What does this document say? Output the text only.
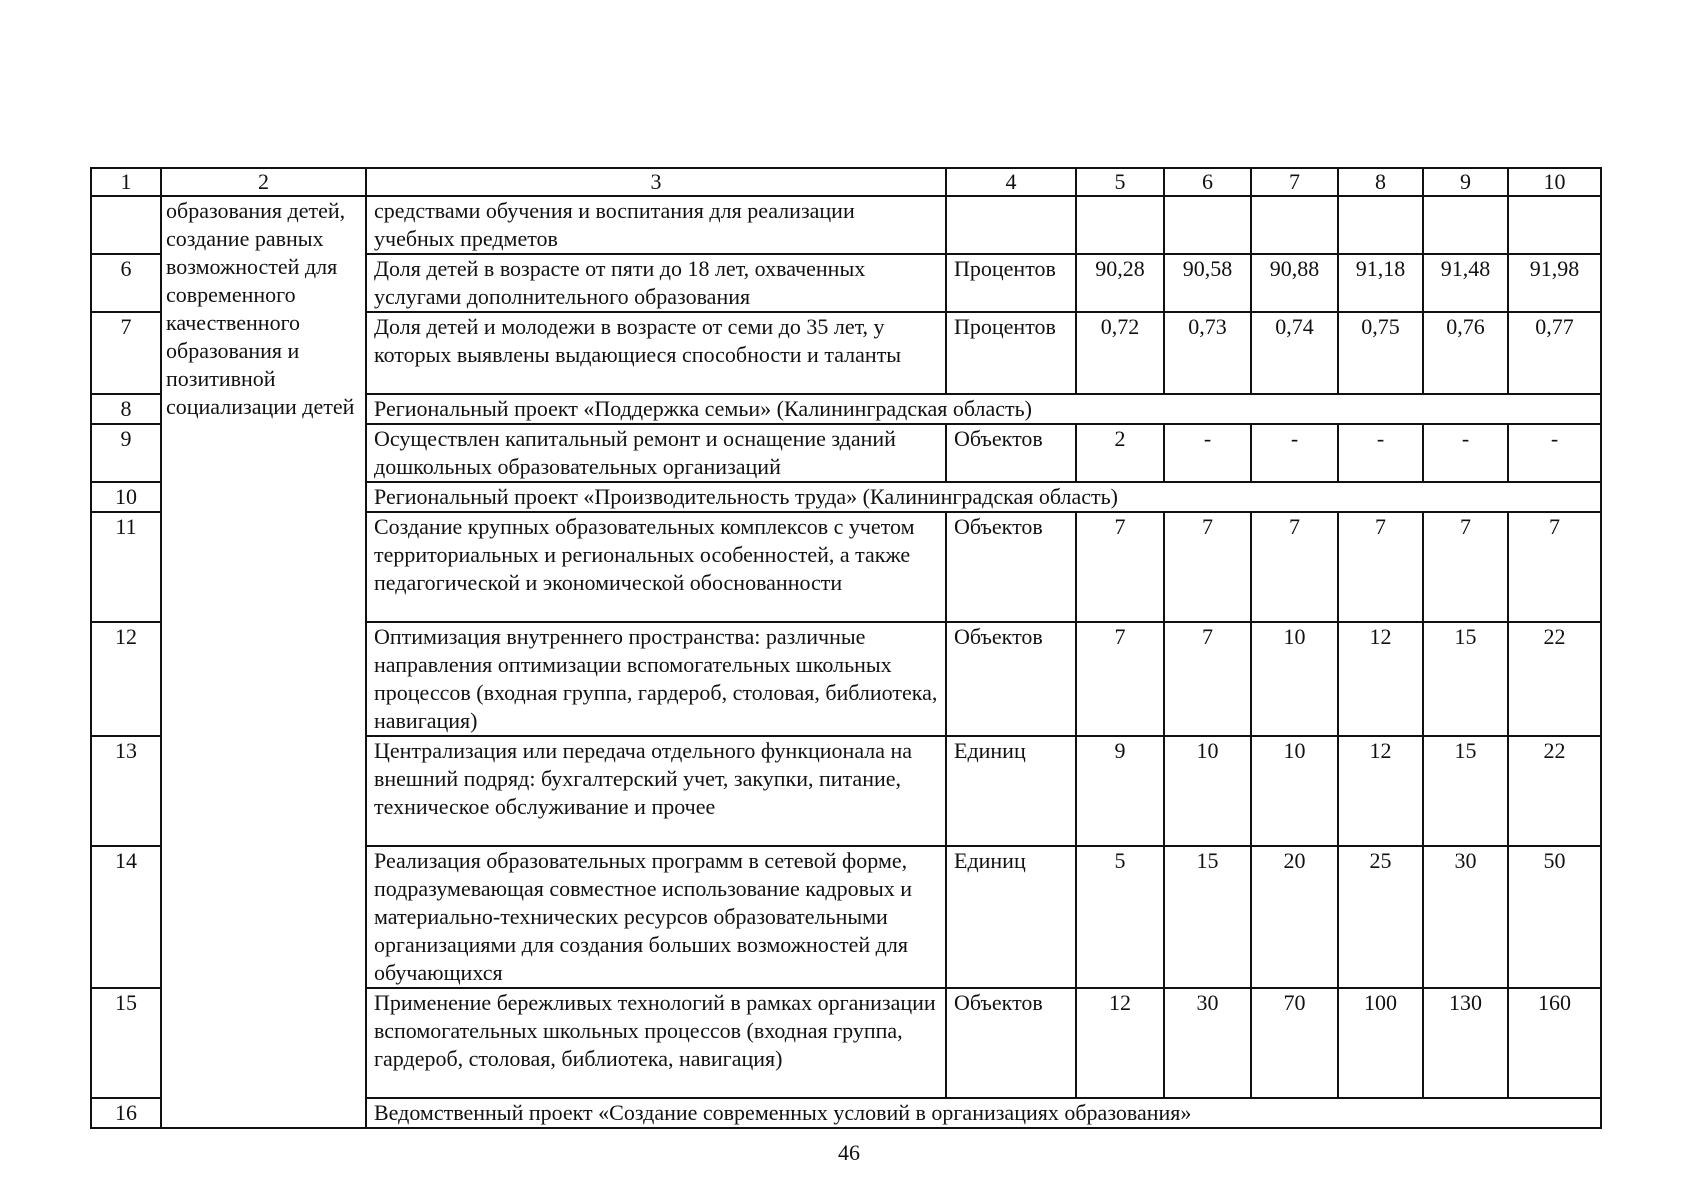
1	2	3	4	5	6	7	8	9	10
	образования детей, создание равных возможностей для современного качественного образования и позитивной социализации детей	средствами обучения и воспитания для реализации учебных предметов							
6		Доля детей в возрасте от пяти до 18 лет, охваченных услугами дополнительного образования	Процентов	90,28	90,58	90,88	91,18	91,48	91,98
7		Доля детей и молодежи в возрасте от семи до 35 лет, у которых выявлены выдающиеся способности и таланты	Процентов	0,72	0,73	0,74	0,75	0,76	0,77
8		Региональный проект «Поддержка семьи» (Калининградская область)							
9		Осуществлен капитальный ремонт и оснащение зданий дошкольных образовательных организаций	Объектов	2	-	-	-	-	-
10		Региональный проект «Производительность труда» (Калининградская область)							
11		Создание крупных образовательных комплексов с учетом территориальных и региональных особенностей, а также педагогической и экономической обоснованности	Объектов	7	7	7	7	7	7
12		Оптимизация внутреннего пространства: различные направления оптимизации вспомогательных школьных процессов (входная группа, гардероб, столовая, библиотека, навигация)	Объектов	7	7	10	12	15	22
13		Централизация или передача отдельного функционала на внешний подряд: бухгалтерский учет, закупки, питание, техническое обслуживание и прочее	Единиц	9	10	10	12	15	22
14		Реализация образовательных программ в сетевой форме, подразумевающая совместное использование кадровых и материально-технических ресурсов образовательными организациями для создания больших возможностей для обучающихся	Единиц	5	15	20	25	30	50
15		Применение бережливых технологий в рамках организации вспомогательных школьных процессов (входная группа, гардероб, столовая, библиотека, навигация)	Объектов	12	30	70	100	130	160
16		Ведомственный проект «Создание современных условий в организациях образования»							
46
